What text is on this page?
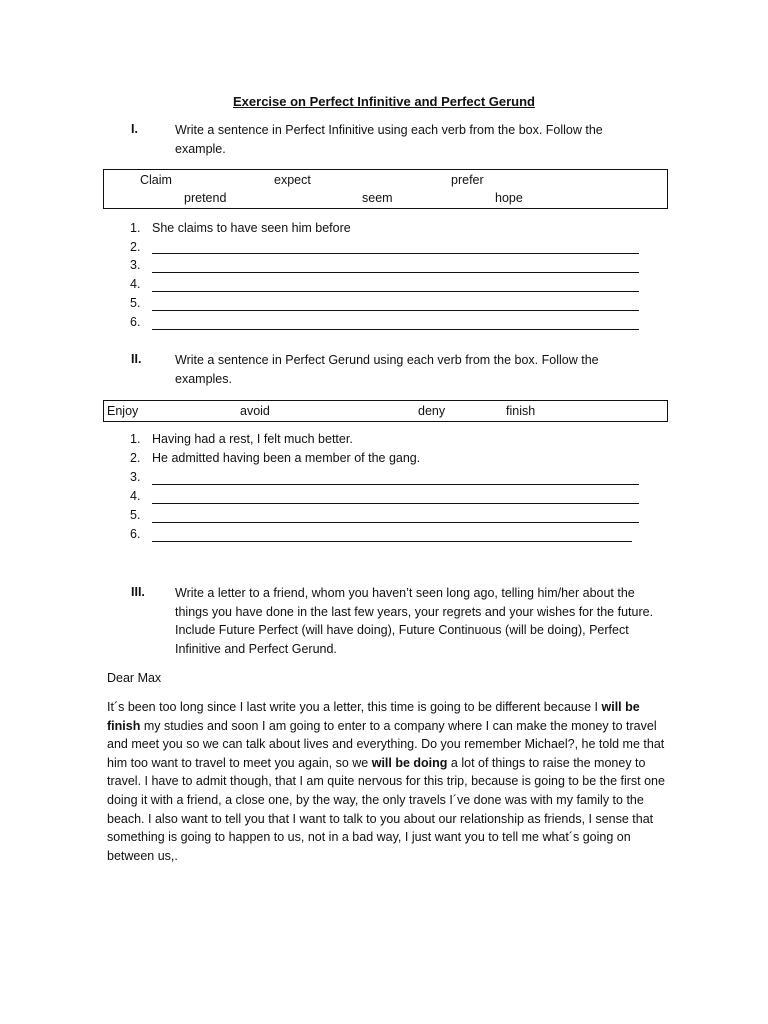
Exercise on Perfect Infinitive and Perfect Gerund
I.	Write a sentence in Perfect Infinitive using each verb from the box. Follow the example.
Claim	expect	prefer
pretend	seem	hope
1. She claims to have seen him before
2.
3.
4.
5.
6.
II.	Write a sentence in Perfect Gerund using each verb from the box. Follow the examples.
Enjoy	avoid	deny	finish
1. Having had a rest, I felt much better.
2. He admitted having been a member of the gang.
3.
4.
5.
6.
III. Write a letter to a friend, whom you haven’t seen long ago, telling him/her about the things you have done in the last few years, your regrets and your wishes for the future. Include Future Perfect (will have doing), Future Continuous (will be doing), Perfect Infinitive and Perfect Gerund.
Dear Max
It´s been too long since I last write you a letter, this time is going to be different because I will be finish my studies and soon I am going to enter to a company where I can make the money to travel and meet you so we can talk about lives and everything. Do you remember Michael?, he told me that him too want to travel to meet you again, so we will be doing a lot of things to raise the money to travel. I have to admit though, that I am quite nervous for this trip, because is going to be the first one doing it with a friend, a close one, by the way, the only travels I´ve done was with my family to the beach. I also want to tell you that I want to talk to you about our relationship as friends, I sense that something is going to happen to us, not in a bad way, I just want you to tell me what´s going on between us,.
